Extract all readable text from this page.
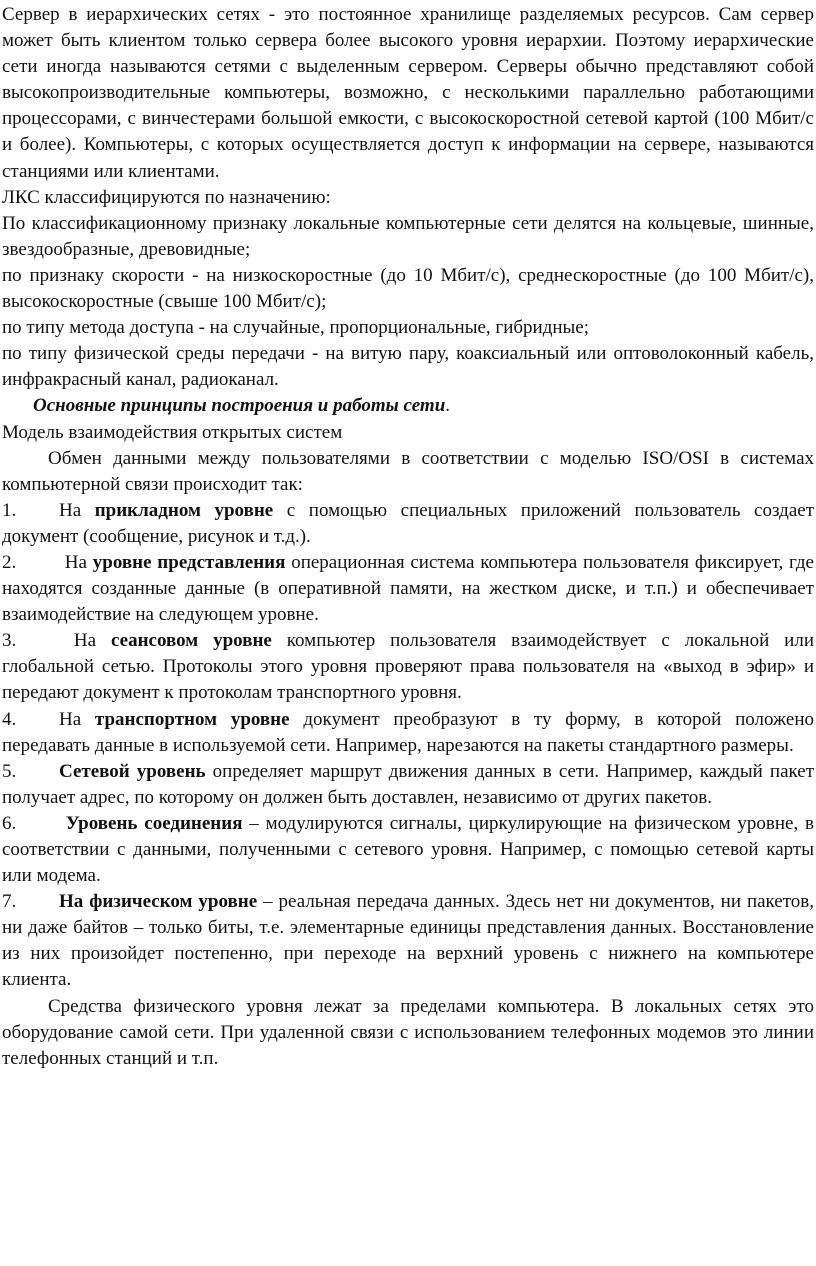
Сервер в иерархических сетях - это постоянное хранилище разделяемых ресурсов. Сам сервер может быть клиентом только сервера более высокого уровня иерархии. Поэтому иерархические сети иногда называются сетями с выделенным сервером. Серверы обычно представляют собой высокопроизводительные компьютеры, возможно, с несколькими параллельно работающими процессорами, с винчестерами большой емкости, с высокоскоростной сетевой картой (100 Мбит/с и более). Компьютеры, с которых осуществляется доступ к информации на сервере, называются станциями или клиентами.

ЛКС классифицируются по назначению:

По классификационному признаку локальные компьютерные сети делятся на кольцевые, шинные, звездообразные, древовидные;

по признаку скорости - на низкоскоростные (до 10 Мбит/с), среднескоростные (до 100 Мбит/с), высокоскоростные (свыше 100 Мбит/с);

по типу метода доступа - на случайные, пропорциональные, гибридные;

по типу физической среды передачи - на витую пару, коаксиальный или оптоволоконный кабель, инфракрасный канал, радиоканал.

Основные принципы построения и работы сети.

Модель взаимодействия открытых систем

Обмен данными между пользователями в соответствии с моделью ISO/OSI в системах компьютерной связи происходит так:

1. На прикладном уровне с помощью специальных приложений пользователь создает документ (сообщение, рисунок и т.д.).

2. На уровне представления операционная система компьютера пользователя фиксирует, где находятся созданные данные (в оперативной памяти, на жестком диске, и т.п.) и обеспечивает взаимодействие на следующем уровне.

3. На сеансовом уровне компьютер пользователя взаимодействует с локальной или глобальной сетью. Протоколы этого уровня проверяют права пользователя на «выход в эфир» и передают документ к протоколам транспортного уровня.

4. На транспортном уровне документ преобразуют в ту форму, в которой положено передавать данные в используемой сети. Например, нарезаются на пакеты стандартного размеры.

5. Сетевой уровень определяет маршрут движения данных в сети. Например, каждый пакет получает адрес, по которому он должен быть доставлен, независимо от других пакетов.

6.	Уровень соединения – модулируются сигналы, циркулирующие на физическом уровне, в соответствии с данными, полученными с сетевого уровня. Например, с помощью сетевой карты или модема.

7. На физическом уровне – реальная передача данных. Здесь нет ни документов, ни пакетов, ни даже байтов – только биты, т.е. элементарные единицы представления данных. Восстановление из них произойдет постепенно, при переходе на верхний уровень с нижнего на компьютере клиента.

Средства физического уровня лежат за пределами компьютера. В локальных сетях это оборудование самой сети. При удаленной связи с использованием телефонных модемов это линии телефонных станций и т.п.
